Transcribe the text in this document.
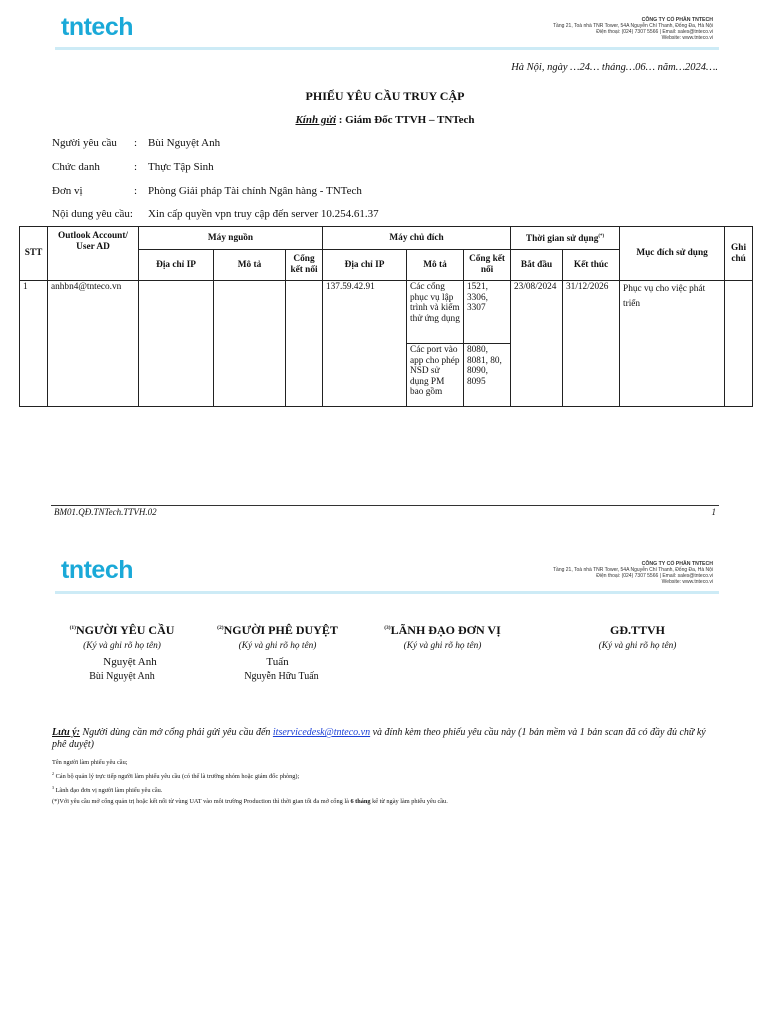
tntech	CÔNG TY CỔ PHẦN TNTECH
Tầng 21, Toà nhà TNR Tower, 54A Nguyễn Chí Thanh, Đống Đa, Hà Nội
Điện thoại: (024) 7307 5566 | Email: sales@tnteco.vi
Website: www.tnteco.vi
Hà Nội, ngày …24… tháng…06… năm…2024….
PHIẾU YÊU CẦU TRUY CẬP
Kính gửi : Giám Đốc TTVH – TNTech
Người yêu cầu : Bùi Nguyệt Anh
Chức danh	: Thực Tập Sinh
Đơn vị	: Phòng Giải pháp Tài chính Ngân hàng - TNTech
Nội dung yêu cầu: Xin cấp quyền vpn truy cập đến server 10.254.61.37
STT	Outlook Account/ User AD	Máy nguồn			Máy chủ đích			Thời gian sử dụng(*)		Mục đích sử dụng	Ghi chú
		Địa chỉ IP	Mô tả	Cổng kết nối	Địa chỉ IP	Mô tả	Cổng kết nối	Bắt đầu	Kết thúc		
1	anhbn4@tnteco.vn				137.59.42.91	Các cổng phục vụ lập trình và kiểm thử ứng dụng	1521, 3306, 3307	23/08/2024	31/12/2026	Phục vụ cho việc phát triển	
						Các port vào app cho phép NSD sử dụng PM bao gồm	8080, 8081, 80, 8090, 8095				
BM01.QĐ.TNTech.TTVH.02	1
tntech	CÔNG TY CỔ PHẦN TNTECH
Tầng 21, Toà nhà TNR Tower, 54A Nguyễn Chí Thanh, Đống Đa, Hà Nội
Điện thoại: (024) 7307 5566 | Email: sales@tnteco.vi
Website: www.tnteco.vi
$^{(1)}$NGƯỜI YÊU CẦU
(Ký và ghi rõ họ tên)
Nguyệt Anh
Bùi Nguyệt Anh
$^{(2)}$NGƯỜI PHÊ DUYỆT
(Ký và ghi rõ họ tên)
Tuấn
Nguyễn Hữu Tuấn
$^{(3)}$LÃNH ĐẠO ĐƠN VỊ
(Ký và ghi rõ họ tên)
GĐ.TTVH
(Ký và ghi rõ họ tên)
Lưu ý: Người dùng cần mở cổng phải gửi yêu cầu đến itservicedesk@tnteco.vn và đính kèm theo phiếu yêu cầu này (1 bản mềm và 1 bản scan đã có đầy đủ chữ ký phê duyệt)
Tên người làm phiếu yêu cầu;
$^2$ Cán bộ quản lý trực tiếp người làm phiếu yêu cầu (có thể là trưởng nhóm hoặc giám đốc phòng);
$^3$ Lãnh đạo đơn vị người làm phiếu yêu cầu.
(*)Với yêu cầu mở cổng quản trị hoặc kết nối từ vùng UAT vào môi trường Production thì thời gian tối đa mở cổng là 6 tháng kể từ ngày làm phiếu yêu cầu.
